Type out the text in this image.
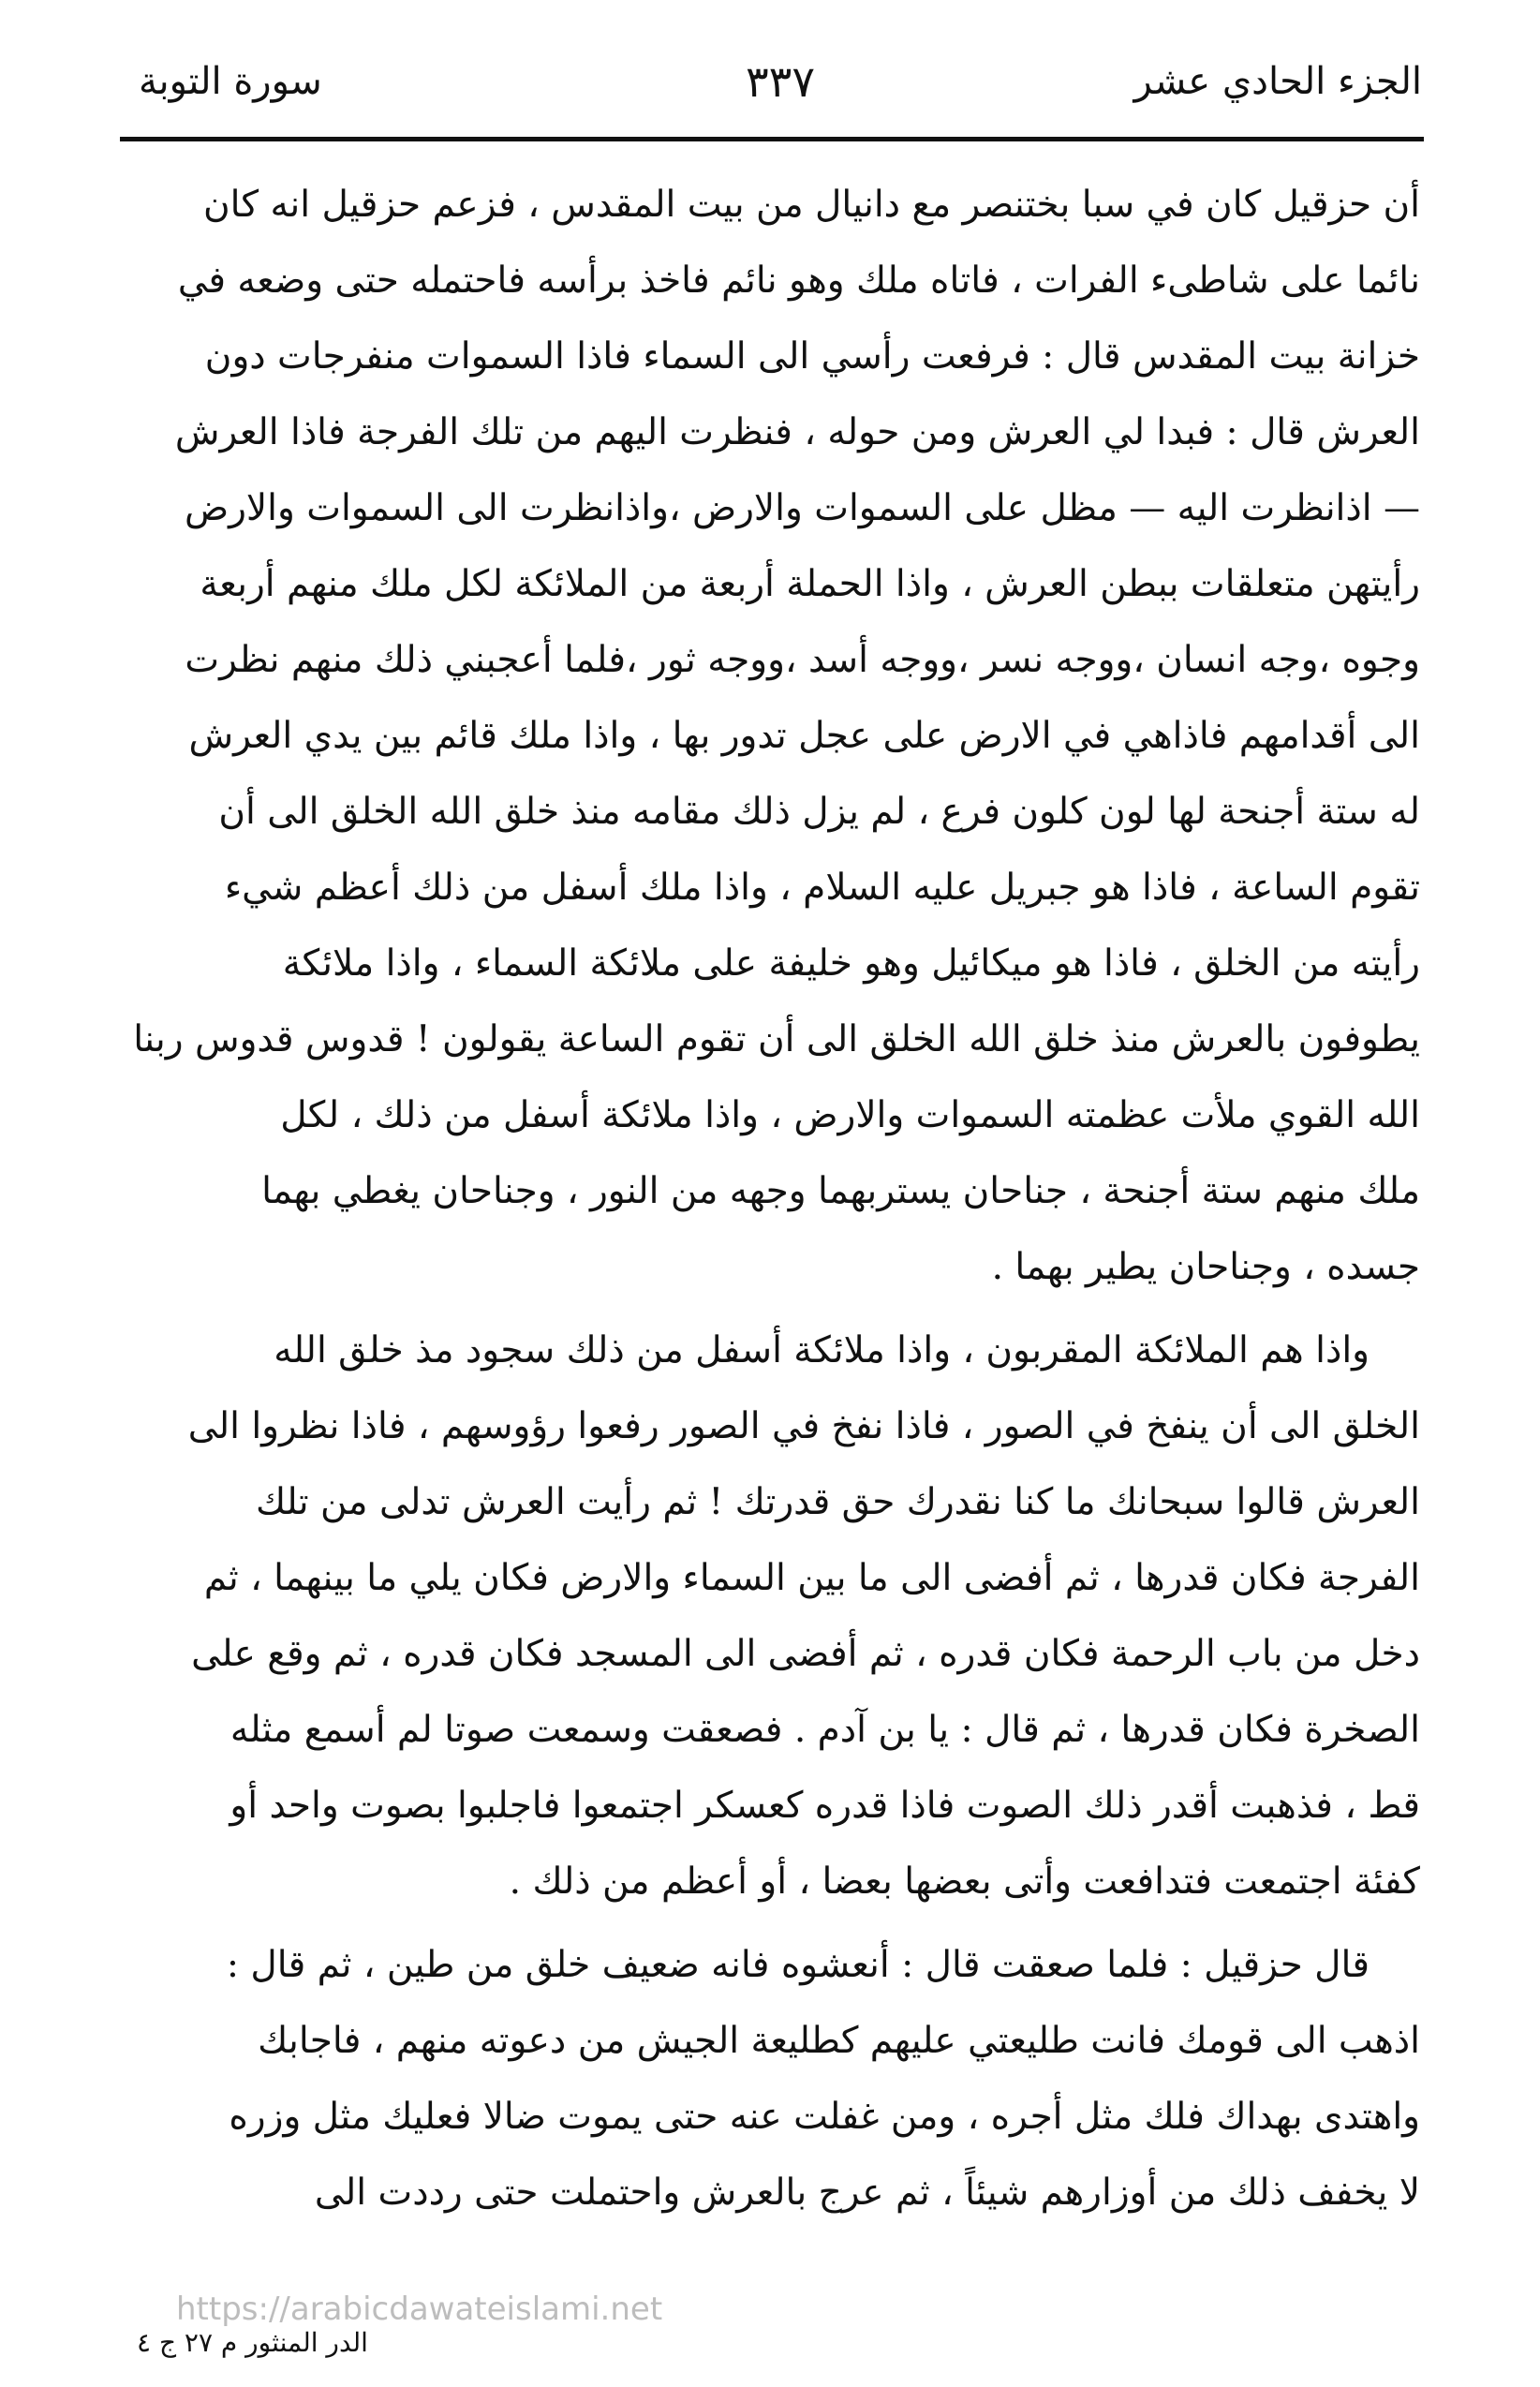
الجزء الحادي عشر
٣٣٧
سورة التوبة

أن حزقيل كان في سبا بختنصر مع دانيال من بيت المقدس ، فزعم حزقيل انه كان
نائما على شاطىء الفرات ، فاتاه ملك وهو نائم فاخذ برأسه فاحتمله حتى وضعه في
خزانة بيت المقدس قال : فرفعت رأسي الى السماء فاذا السموات منفرجات دون
العرش قال : فبدا لي العرش ومن حوله ، فنظرت اليهم من تلك الفرجة فاذا العرش
— اذانظرت اليه — مظل على السموات والارض ،واذانظرت الى السموات والارض
رأيتهن متعلقات ببطن العرش ، واذا الحملة أربعة من الملائكة لكل ملك منهم أربعة
وجوه ،وجه انسان ،ووجه نسر ،ووجه أسد ،ووجه ثور ،فلما أعجبني ذلك منهم نظرت
الى أقدامهم فاذاهي في الارض على عجل تدور بها ، واذا ملك قائم بين يدي العرش
له ستة أجنحة لها لون كلون فرع ، لم يزل ذلك مقامه منذ خلق الله الخلق الى أن
تقوم الساعة ، فاذا هو جبريل عليه السلام ، واذا ملك أسفل من ذلك أعظم شيء
رأيته من الخلق ، فاذا هو ميكائيل وهو خليفة على ملائكة السماء ، واذا ملائكة
يطوفون بالعرش منذ خلق الله الخلق الى أن تقوم الساعة يقولون ! قدوس قدوس ربنا
الله القوي ملأت عظمته السموات والارض ، واذا ملائكة أسفل من ذلك ، لكل
ملك منهم ستة أجنحة ، جناحان يستربهما وجهه من النور ، وجناحان يغطي بهما
جسده ، وجناحان يطير بهما .

واذا هم الملائكة المقربون ، واذا ملائكة أسفل من ذلك سجود مذ خلق الله
الخلق الى أن ينفخ في الصور ، فاذا نفخ في الصور رفعوا رؤوسهم ، فاذا نظروا الى
العرش قالوا سبحانك ما كنا نقدرك حق قدرتك ! ثم رأيت العرش تدلى من تلك
الفرجة فكان قدرها ، ثم أفضى الى ما بين السماء والارض فكان يلي ما بينهما ، ثم
دخل من باب الرحمة فكان قدره ، ثم أفضى الى المسجد فكان قدره ، ثم وقع على
الصخرة فكان قدرها ، ثم قال : يا بن آدم . فصعقت وسمعت صوتا لم أسمع مثله
قط ، فذهبت أقدر ذلك الصوت فاذا قدره كعسكر اجتمعوا فاجلبوا بصوت واحد أو
كفئة اجتمعت فتدافعت وأتى بعضها بعضا ، أو أعظم من ذلك .

قال حزقيل : فلما صعقت قال : أنعشوه فانه ضعيف خلق من طين ، ثم قال :
اذهب الى قومك فانت طليعتي عليهم كطليعة الجيش من دعوته منهم ، فاجابك
واهتدى بهداك فلك مثل أجره ، ومن غفلت عنه حتى يموت ضالا فعليك مثل وزره
لا يخفف ذلك من أوزارهم شيئاً ، ثم عرج بالعرش واحتملت حتى رددت الى

https://arabicdawateislami.net
الدر المنثور م ٢٧ ج ٤
